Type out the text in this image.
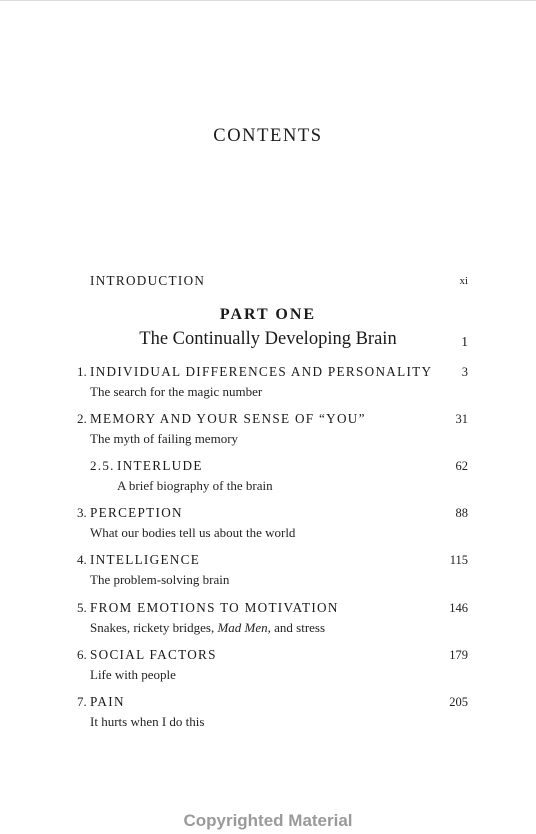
CONTENTS
INTRODUCTION	xi
PART ONE
The Continually Developing Brain	1
1. INDIVIDUAL DIFFERENCES AND PERSONALITY
The search for the magic number
3
2. MEMORY AND YOUR SENSE OF “YOU”
The myth of failing memory
31
2.5. INTERLUDE
A brief biography of the brain
62
3. PERCEPTION
What our bodies tell us about the world
88
4. INTELLIGENCE
The problem-solving brain
115
5. FROM EMOTIONS TO MOTIVATION
Snakes, rickety bridges, Mad Men, and stress
146
6. SOCIAL FACTORS
Life with people
179
7. PAIN
It hurts when I do this
205
Copyrighted Material
